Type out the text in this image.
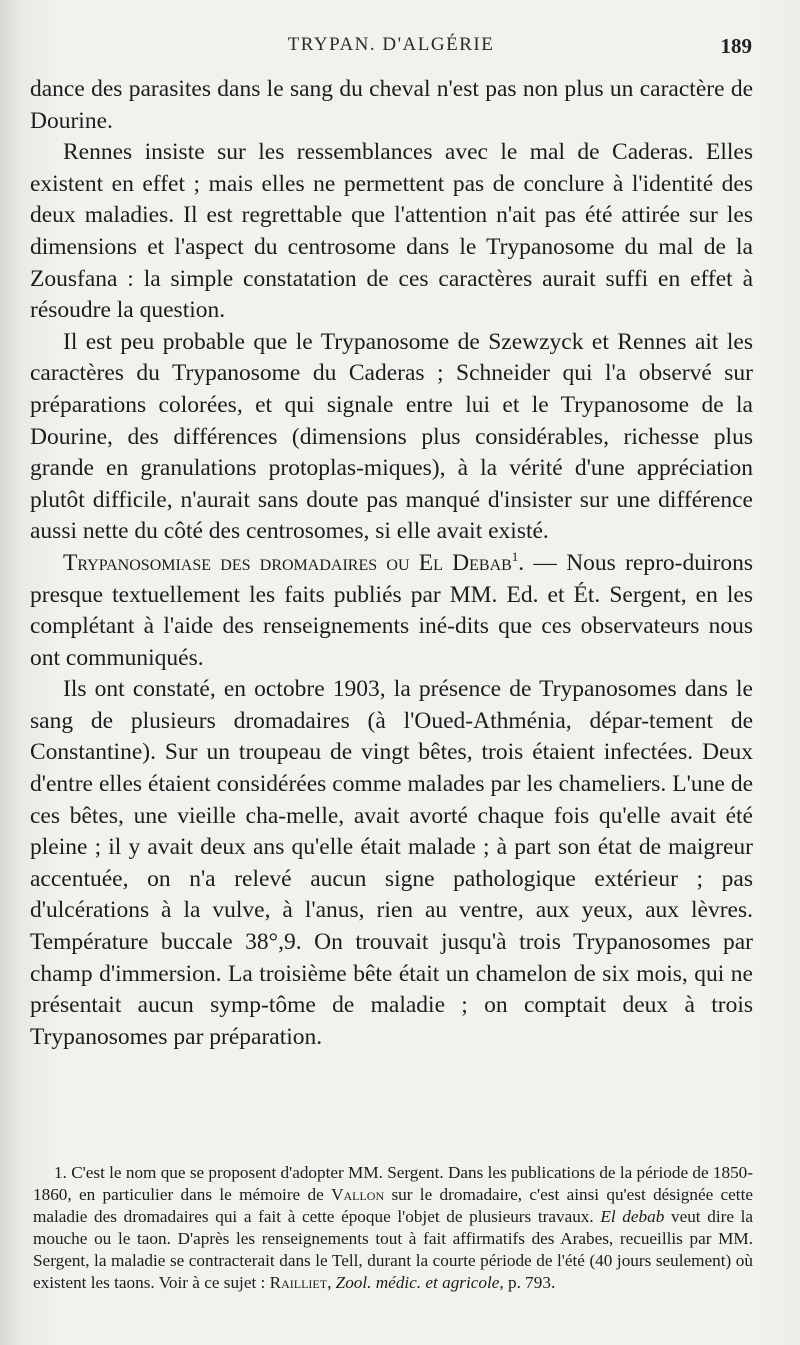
TRYPAN. D'ALGÉRIE	189

dance des parasites dans le sang du cheval n'est pas non plus un caractère de Dourine.

Rennes insiste sur les ressemblances avec le mal de Caderas. Elles existent en effet ; mais elles ne permettent pas de conclure à l'identité des deux maladies. Il est regrettable que l'attention n'ait pas été attirée sur les dimensions et l'aspect du centrosome dans le Trypanosome du mal de la Zousfana : la simple constatation de ces caractères aurait suffi en effet à résoudre la question.

Il est peu probable que le Trypanosome de Szewzyck et Rennes ait les caractères du Trypanosome du Caderas ; Schneider qui l'a observé sur préparations colorées, et qui signale entre lui et le Trypanosome de la Dourine, des différences (dimensions plus considérables, richesse plus grande en granulations protoplas-miques), à la vérité d'une appréciation plutôt difficile, n'aurait sans doute pas manqué d'insister sur une différence aussi nette du côté des centrosomes, si elle avait existé.

Trypanosomiase des dromadaires ou El Debab$^1$. — Nous repro-duirons presque textuellement les faits publiés par MM. Ed. et Ét. Sergent, en les complétant à l'aide des renseignements iné-dits que ces observateurs nous ont communiqués.

Ils ont constaté, en octobre 1903, la présence de Trypanosomes dans le sang de plusieurs dromadaires (à l'Oued-Athménia, dépar-tement de Constantine). Sur un troupeau de vingt bêtes, trois étaient infectées. Deux d'entre elles étaient considérées comme malades par les chameliers. L'une de ces bêtes, une vieille cha-melle, avait avorté chaque fois qu'elle avait été pleine ; il y avait deux ans qu'elle était malade ; à part son état de maigreur accentuée, on n'a relevé aucun signe pathologique extérieur ; pas d'ulcérations à la vulve, à l'anus, rien au ventre, aux yeux, aux lèvres. Température buccale 38°,9. On trouvait jusqu'à trois Trypanosomes par champ d'immersion. La troisième bête était un chamelon de six mois, qui ne présentait aucun symp-tôme de maladie ; on comptait deux à trois Trypanosomes par préparation.

1. C'est le nom que se proposent d'adopter MM. Sergent. Dans les publications de la période de 1850-1860, en particulier dans le mémoire de Vallon sur le dromadaire, c'est ainsi qu'est désignée cette maladie des dromadaires qui a fait à cette époque l'objet de plusieurs travaux. El debab veut dire la mouche ou le taon. D'après les renseignements tout à fait affirmatifs des Arabes, recueillis par MM. Sergent, la maladie se contracterait dans le Tell, durant la courte période de l'été (40 jours seulement) où existent les taons. Voir à ce sujet : Railliet, Zool. médic. et agricole, p. 793.
